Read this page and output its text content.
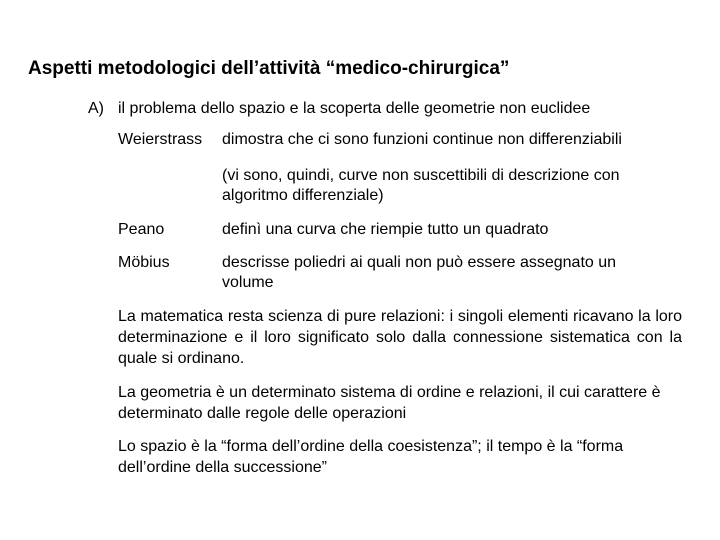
Aspetti metodologici dell’attività “medico-chirurgica”
A) il problema dello spazio e la scoperta delle geometrie non euclidee
Weierstrass dimostra che ci sono funzioni continue non differenziabili
(vi sono, quindi, curve non suscettibili di descrizione con algoritmo differenziale)
Peano	definì una curva che riempie tutto un quadrato
Möbius	descrisse poliedri ai quali non può essere assegnato un volume
La matematica resta scienza di pure relazioni: i singoli elementi ricavano la loro determinazione e il loro significato solo dalla connessione sistematica con la quale si ordinano.
La geometria è un determinato sistema di ordine e relazioni, il cui carattere è determinato dalle regole delle operazioni
Lo spazio è la “forma dell’ordine della coesistenza”; il tempo è la “forma dell’ordine della successione”
